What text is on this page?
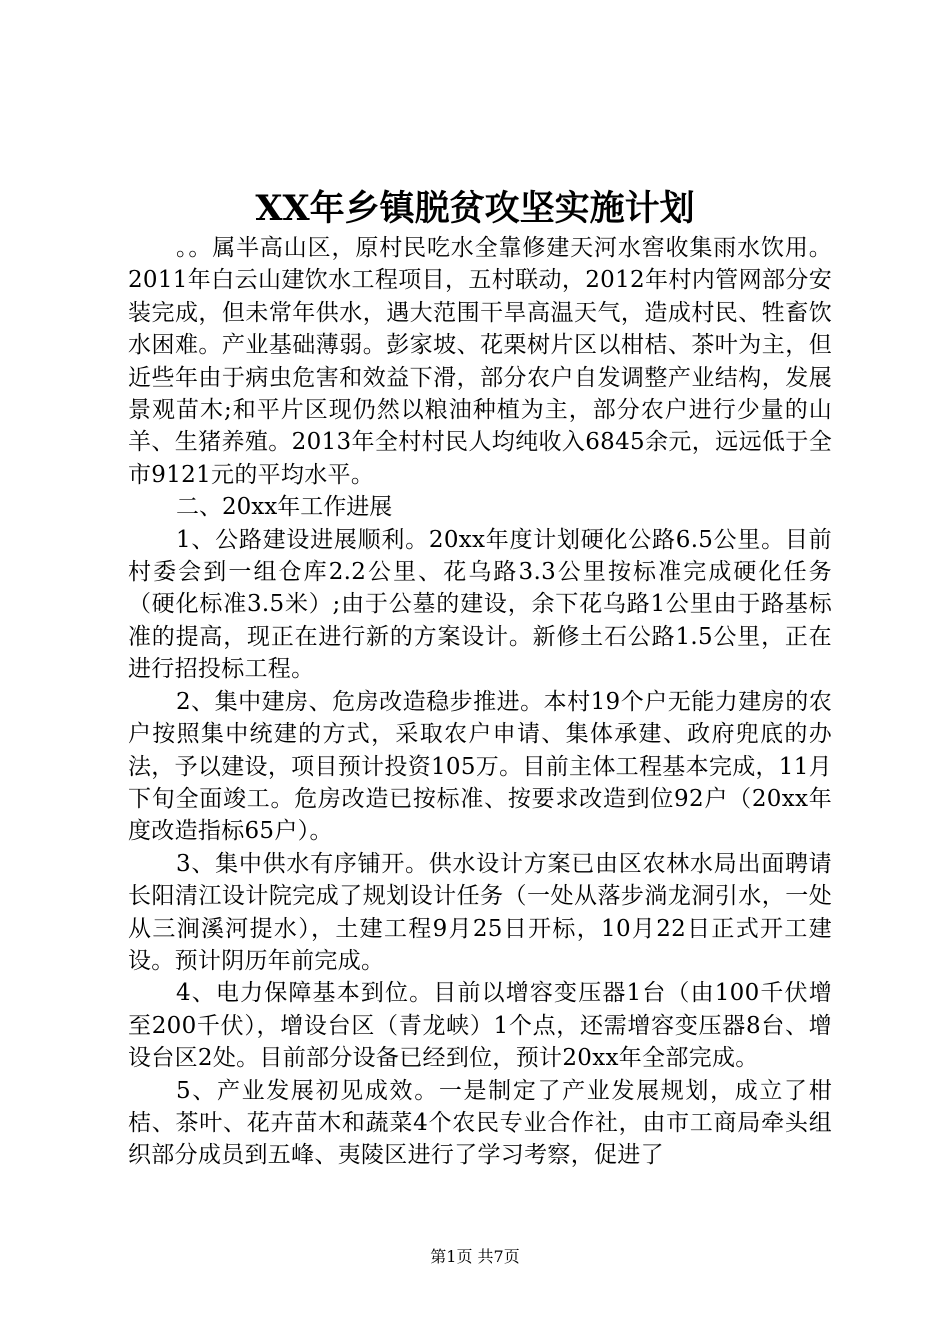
XX年乡镇脱贫攻坚实施计划

。。属半高山区，原村民吃水全靠修建天河水窖收集雨水饮用。2011年白云山建饮水工程项目，五村联动，2012年村内管网部分安装完成，但未常年供水，遇大范围干旱高温天气，造成村民、牲畜饮水困难。产业基础薄弱。彭家坡、花栗树片区以柑桔、茶叶为主，但近些年由于病虫危害和效益下滑，部分农户自发调整产业结构，发展景观苗木;和平片区现仍然以粮油种植为主，部分农户进行少量的山羊、生猪养殖。2013年全村村民人均纯收入6845余元，远远低于全市9121元的平均水平。

二、20xx年工作进展

1、公路建设进展顺利。20xx年度计划硬化公路6.5公里。目前村委会到一组仓库2.2公里、花乌路3.3公里按标准完成硬化任务（硬化标准3.5米）;由于公墓的建设，余下花乌路1公里由于路基标准的提高，现正在进行新的方案设计。新修土石公路1.5公里，正在进行招投标工程。

2、集中建房、危房改造稳步推进。本村19个户无能力建房的农户按照集中统建的方式，采取农户申请、集体承建、政府兜底的办法，予以建设，项目预计投资105万。目前主体工程基本完成，11月下旬全面竣工。危房改造已按标准、按要求改造到位92户（20xx年度改造指标65户）。

3、集中供水有序铺开。供水设计方案已由区农林水局出面聘请长阳清江设计院完成了规划设计任务（一处从落步淌龙洞引水，一处从三涧溪河提水），土建工程9月25日开标，10月22日正式开工建设。预计阴历年前完成。

4、电力保障基本到位。目前以增容变压器1台（由100千伏增至200千伏），增设台区（青龙峡）1个点，还需增容变压器8台、增设台区2处。目前部分设备已经到位，预计20xx年全部完成。

5、产业发展初见成效。一是制定了产业发展规划，成立了柑桔、茶叶、花卉苗木和蔬菜4个农民专业合作社，由市工商局牵头组织部分成员到五峰、夷陵区进行了学习考察，促进了

第1页 共7页
